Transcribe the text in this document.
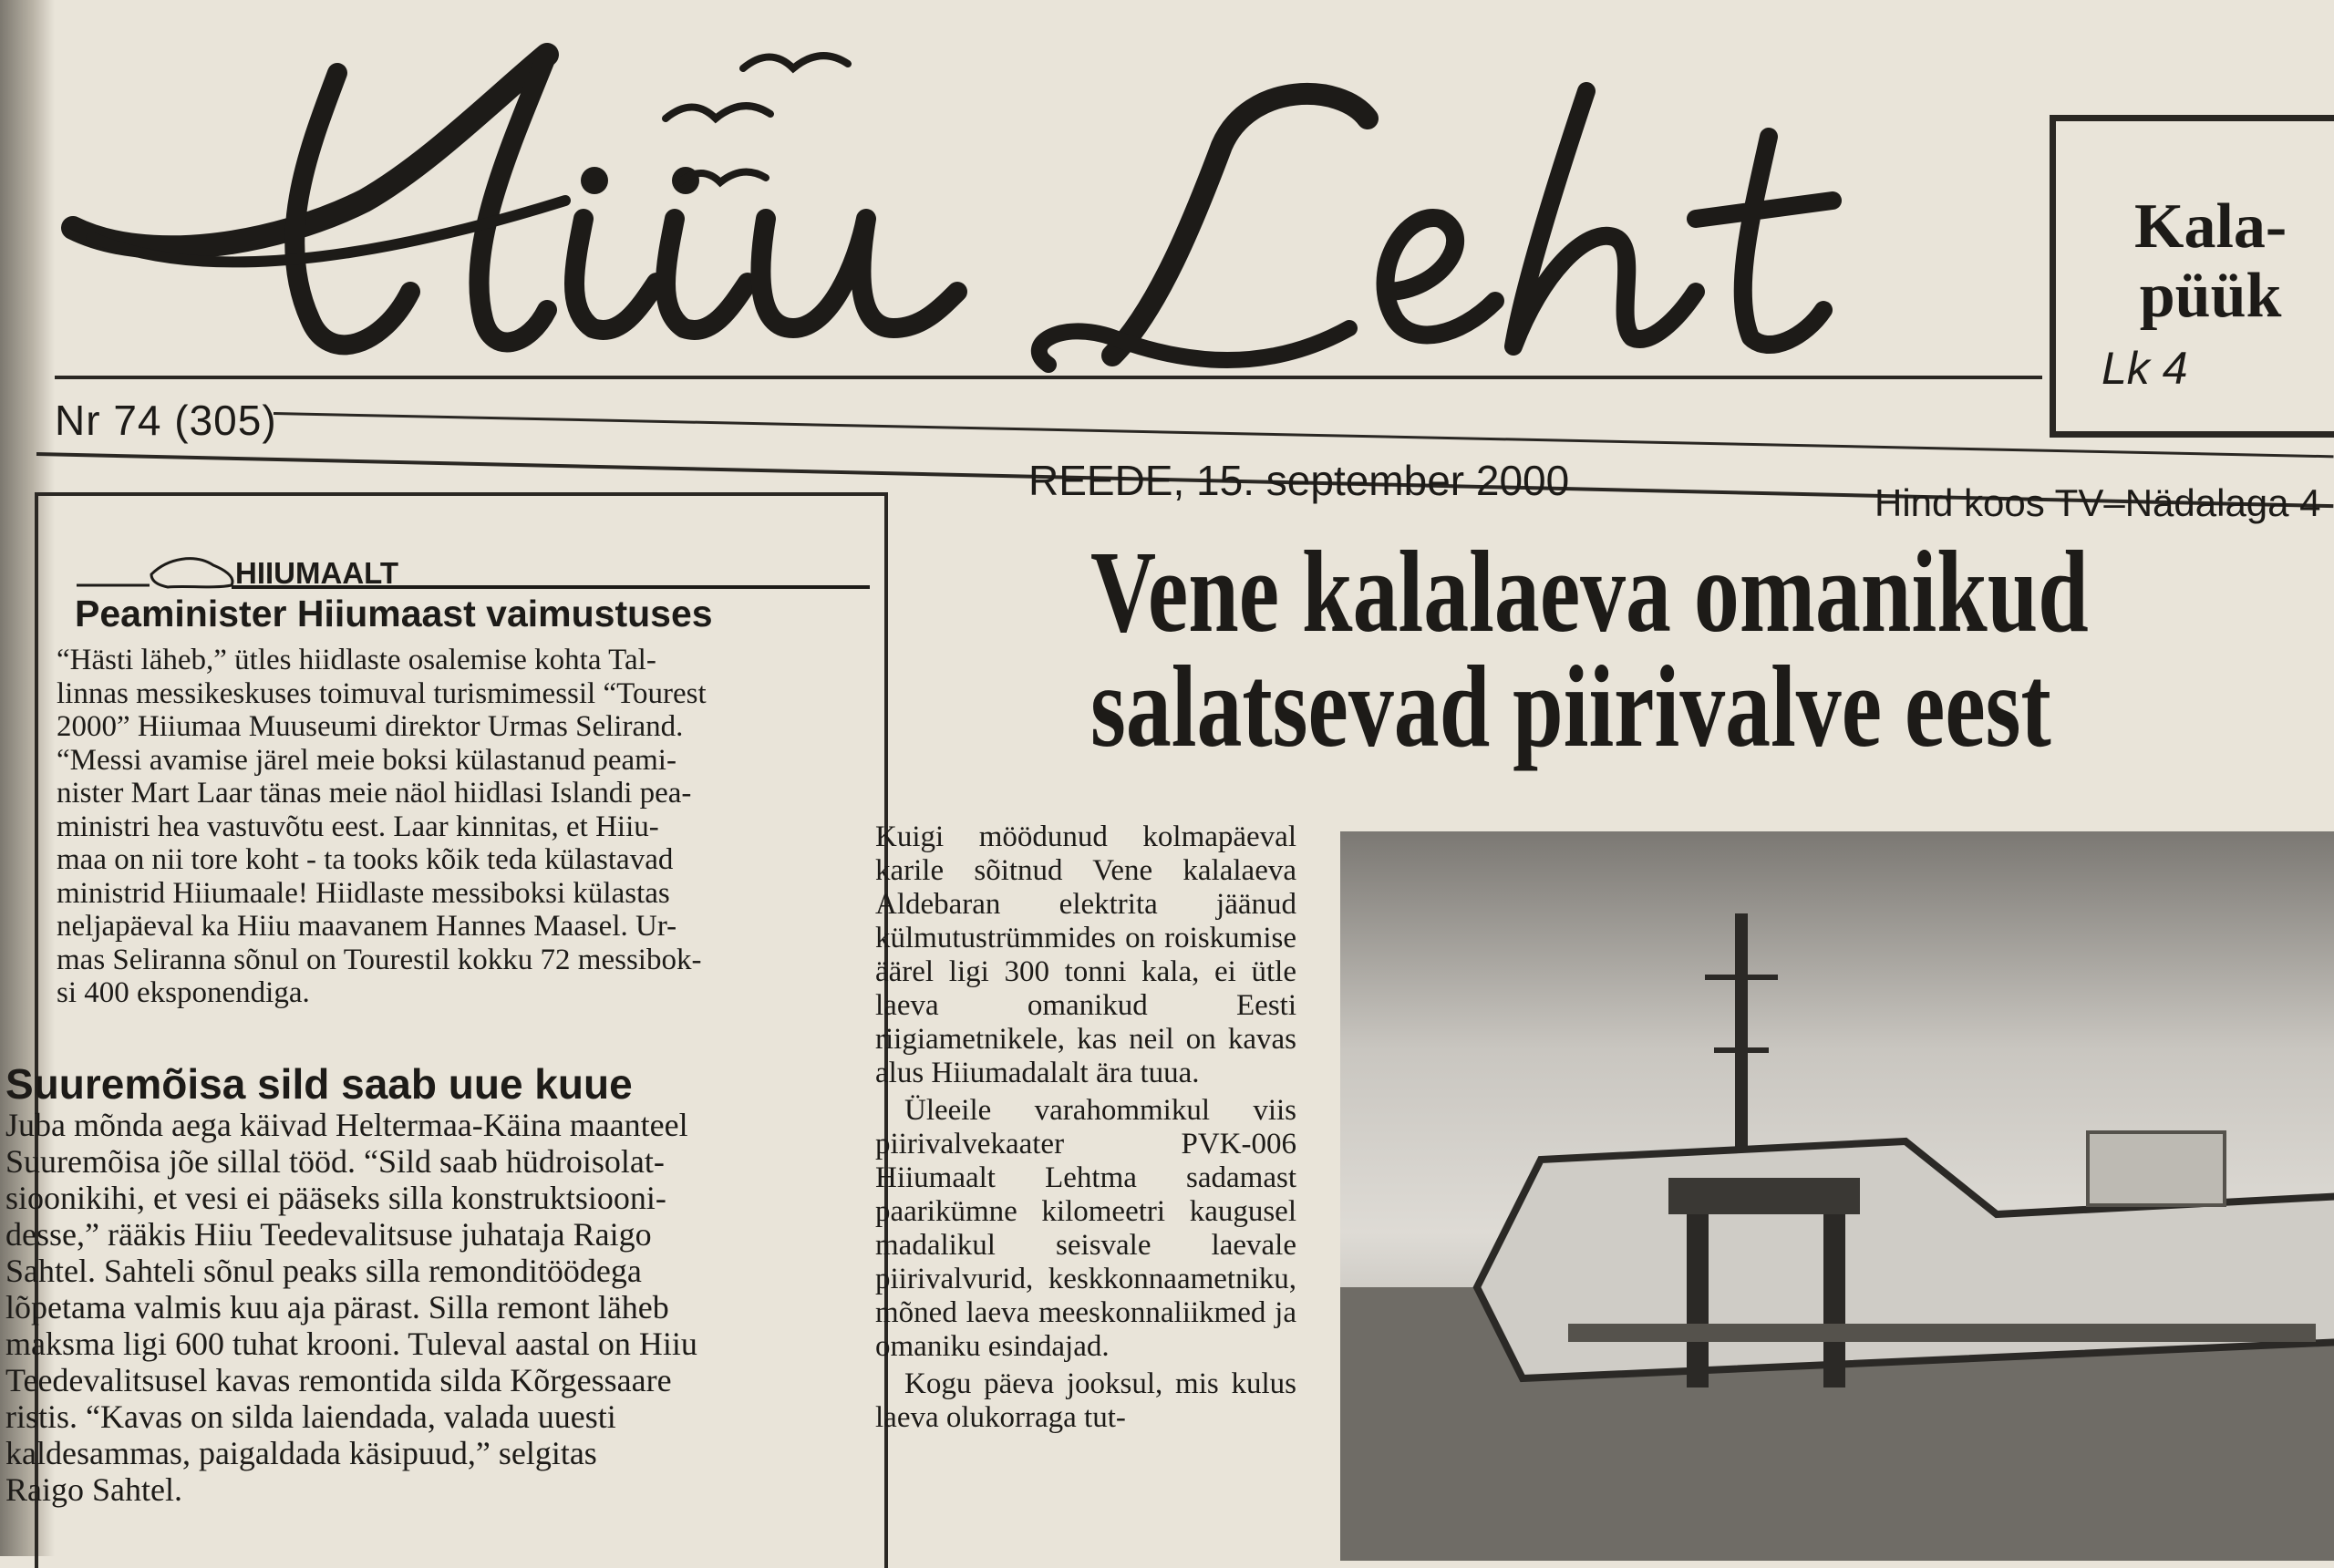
Hiiu Leht
Nr 74 (305)
REEDE, 15. september 2000	Hind koos TV–Nädalaga 4
Kala-
püük
Lk 4
HIIUMAALT
Peaminister Hiiumaast vaimustuses
“Hästi läheb,” ütles hiidlaste osalemise kohta Tal-
linnas messikeskuses toimuval turismimessil “Tourest
2000” Hiiumaa Muuseumi direktor Urmas Selirand.
“Messi avamise järel meie boksi külastanud peami-
nister Mart Laar tänas meie näol hiidlasi Islandi pea-
ministri hea vastuvõtu eest. Laar kinnitas, et Hiiu-
maa on nii tore koht - ta tooks kõik teda külastavad
ministrid Hiiumaale! Hiidlaste messiboksi külastas
neljapäeval ka Hiiu maavanem Hannes Maasel. Ur-
mas Seliranna sõnul on Tourestil kokku 72 messibok-
si 400 eksponendiga.
Suuremõisa sild saab uue kuue
Juba mõnda aega käivad Heltermaa-Käina maanteel
Suuremõisa jõe sillal tööd. “Sild saab hüdroisolat-
sioonikihi, et vesi ei pääseks silla konstruktsiooni-
desse,” rääkis Hiiu Teedevalitsuse juhataja Raigo
Sahtel. Sahteli sõnul peaks silla remonditöödega
lõpetama valmis kuu aja pärast. Silla remont läheb
maksma ligi 600 tuhat krooni. Tuleval aastal on Hiiu
Teedevalitsusel kavas remontida silda Kõrgessaare
ristis. “Kavas on silda laiendada, valada uuesti
kaldesammas, paigaldada käsipuud,” selgitas
Raigo Sahtel.
Vene kalalaeva omanikud
salatsevad piirivalve eest

Kuigi möödunud kolmapäeval karile sõitnud Vene kalalaeva Aldebaran elektrita jäänud külmutustrümmides on roiskumise äärel ligi 300 tonni kala, ei ütle laeva omanikud Eesti riigiametnikele, kas neil on kavas alus Hiiumadalalt ära tuua.

Üleeile varahommikul viis piirivalvekaater PVK-006 Hiiumaalt Lehtma sadamast paarikümne kilomeetri kaugusel madalikul seisvale laevale piirivalvurid, keskkonnaametniku, mõned laeva meeskonnaliikmed ja omaniku esindajad.

Kogu päeva jooksul, mis kulus laeva olukorraga tut-
